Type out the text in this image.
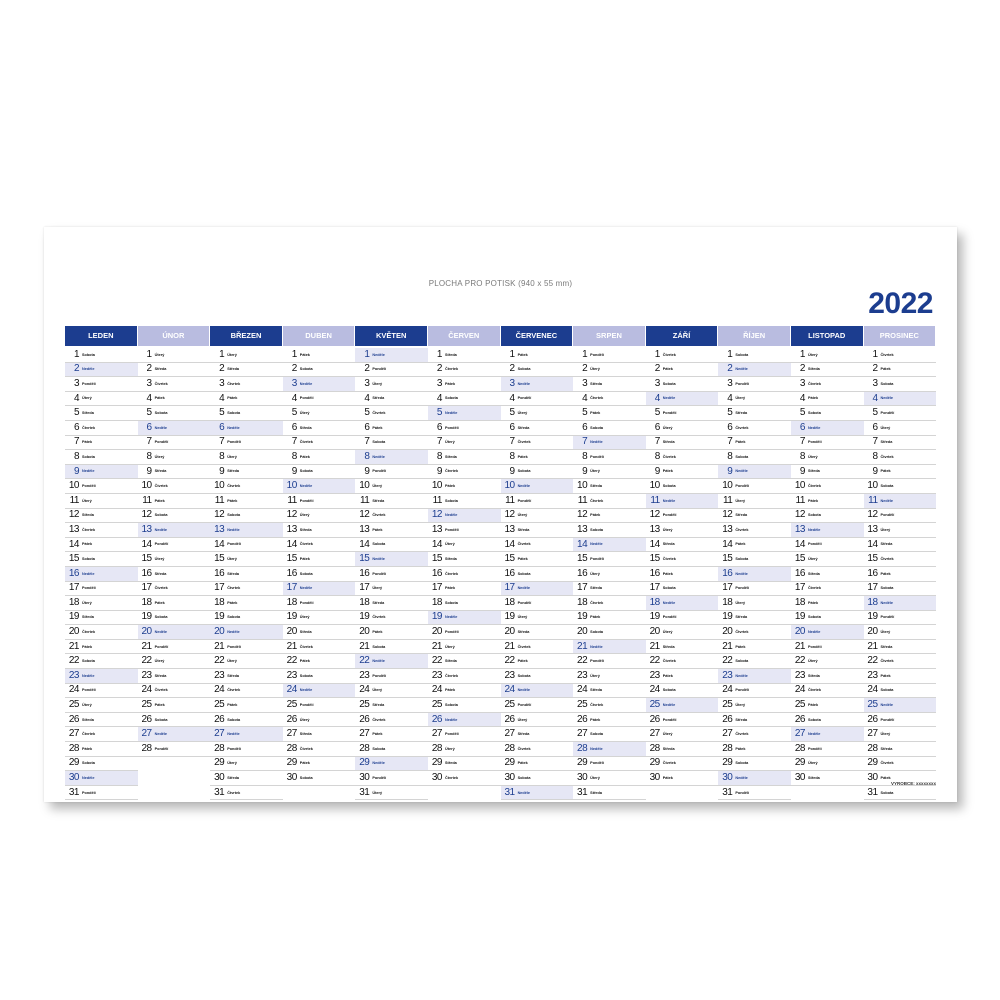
PLOCHA PRO POTISK (940 x 55 mm)
2022
LEDEN
1 Sobota
2 Neděle
3 Pondělí
4 Úterý
5 Středa
6 Čtvrtek
7 Pátek
8 Sobota
9 Neděle
10 Pondělí
11 Úterý
12 Středa
13 Čtvrtek
14 Pátek
15 Sobota
16 Neděle
17 Pondělí
18 Úterý
19 Středa
20 Čtvrtek
21 Pátek
22 Sobota
23 Neděle
24 Pondělí
25 Úterý
26 Středa
27 Čtvrtek
28 Pátek
29 Sobota
30 Neděle
31 Pondělí
ÚNOR
1 Úterý
2 Středa
3 Čtvrtek
4 Pátek
5 Sobota
6 Neděle
7 Pondělí
8 Úterý
9 Středa
10 Čtvrtek
11 Pátek
12 Sobota
13 Neděle
14 Pondělí
15 Úterý
16 Středa
17 Čtvrtek
18 Pátek
19 Sobota
20 Neděle
21 Pondělí
22 Úterý
23 Středa
24 Čtvrtek
25 Pátek
26 Sobota
27 Neděle
28 Pondělí
BŘEZEN
1 Úterý
2 Středa
3 Čtvrtek
4 Pátek
5 Sobota
6 Neděle
7 Pondělí
8 Úterý
9 Středa
10 Čtvrtek
11 Pátek
12 Sobota
13 Neděle
14 Pondělí
15 Úterý
16 Středa
17 Čtvrtek
18 Pátek
19 Sobota
20 Neděle
21 Pondělí
22 Úterý
23 Středa
24 Čtvrtek
25 Pátek
26 Sobota
27 Neděle
28 Pondělí
29 Úterý
30 Středa
31 Čtvrtek
DUBEN
1 Pátek
2 Sobota
3 Neděle
4 Pondělí
5 Úterý
6 Středa
7 Čtvrtek
8 Pátek
9 Sobota
10 Neděle
11 Pondělí
12 Úterý
13 Středa
14 Čtvrtek
15 Pátek
16 Sobota
17 Neděle
18 Pondělí
19 Úterý
20 Středa
21 Čtvrtek
22 Pátek
23 Sobota
24 Neděle
25 Pondělí
26 Úterý
27 Středa
28 Čtvrtek
29 Pátek
30 Sobota
KVĚTEN
1 Neděle
2 Pondělí
3 Úterý
4 Středa
5 Čtvrtek
6 Pátek
7 Sobota
8 Neděle
9 Pondělí
10 Úterý
11 Středa
12 Čtvrtek
13 Pátek
14 Sobota
15 Neděle
16 Pondělí
17 Úterý
18 Středa
19 Čtvrtek
20 Pátek
21 Sobota
22 Neděle
23 Pondělí
24 Úterý
25 Středa
26 Čtvrtek
27 Pátek
28 Sobota
29 Neděle
30 Pondělí
31 Úterý
ČERVEN
1 Středa
2 Čtvrtek
3 Pátek
4 Sobota
5 Neděle
6 Pondělí
7 Úterý
8 Středa
9 Čtvrtek
10 Pátek
11 Sobota
12 Neděle
13 Pondělí
14 Úterý
15 Středa
16 Čtvrtek
17 Pátek
18 Sobota
19 Neděle
20 Pondělí
21 Úterý
22 Středa
23 Čtvrtek
24 Pátek
25 Sobota
26 Neděle
27 Pondělí
28 Úterý
29 Středa
30 Čtvrtek
ČERVENEC
1 Pátek
2 Sobota
3 Neděle
4 Pondělí
5 Úterý
6 Středa
7 Čtvrtek
8 Pátek
9 Sobota
10 Neděle
11 Pondělí
12 Úterý
13 Středa
14 Čtvrtek
15 Pátek
16 Sobota
17 Neděle
18 Pondělí
19 Úterý
20 Středa
21 Čtvrtek
22 Pátek
23 Sobota
24 Neděle
25 Pondělí
26 Úterý
27 Středa
28 Čtvrtek
29 Pátek
30 Sobota
31 Neděle
SRPEN
1 Pondělí
2 Úterý
3 Středa
4 Čtvrtek
5 Pátek
6 Sobota
7 Neděle
8 Pondělí
9 Úterý
10 Středa
11 Čtvrtek
12 Pátek
13 Sobota
14 Neděle
15 Pondělí
16 Úterý
17 Středa
18 Čtvrtek
19 Pátek
20 Sobota
21 Neděle
22 Pondělí
23 Úterý
24 Středa
25 Čtvrtek
26 Pátek
27 Sobota
28 Neděle
29 Pondělí
30 Úterý
31 Středa
ZÁŘÍ
1 Čtvrtek
2 Pátek
3 Sobota
4 Neděle
5 Pondělí
6 Úterý
7 Středa
8 Čtvrtek
9 Pátek
10 Sobota
11 Neděle
12 Pondělí
13 Úterý
14 Středa
15 Čtvrtek
16 Pátek
17 Sobota
18 Neděle
19 Pondělí
20 Úterý
21 Středa
22 Čtvrtek
23 Pátek
24 Sobota
25 Neděle
26 Pondělí
27 Úterý
28 Středa
29 Čtvrtek
30 Pátek
ŘÍJEN
1 Sobota
2 Neděle
3 Pondělí
4 Úterý
5 Středa
6 Čtvrtek
7 Pátek
8 Sobota
9 Neděle
10 Pondělí
11 Úterý
12 Středa
13 Čtvrtek
14 Pátek
15 Sobota
16 Neděle
17 Pondělí
18 Úterý
19 Středa
20 Čtvrtek
21 Pátek
22 Sobota
23 Neděle
24 Pondělí
25 Úterý
26 Středa
27 Čtvrtek
28 Pátek
29 Sobota
30 Neděle
31 Pondělí
LISTOPAD
1 Úterý
2 Středa
3 Čtvrtek
4 Pátek
5 Sobota
6 Neděle
7 Pondělí
8 Úterý
9 Středa
10 Čtvrtek
11 Pátek
12 Sobota
13 Neděle
14 Pondělí
15 Úterý
16 Středa
17 Čtvrtek
18 Pátek
19 Sobota
20 Neděle
21 Pondělí
22 Úterý
23 Středa
24 Čtvrtek
25 Pátek
26 Sobota
27 Neděle
28 Pondělí
29 Úterý
30 Středa
PROSINEC
1 Čtvrtek
2 Pátek
3 Sobota
4 Neděle
5 Pondělí
6 Úterý
7 Středa
8 Čtvrtek
9 Pátek
10 Sobota
11 Neděle
12 Pondělí
13 Úterý
14 Středa
15 Čtvrtek
16 Pátek
17 Sobota
18 Neděle
19 Pondělí
20 Úterý
21 Středa
22 Čtvrtek
23 Pátek
24 Sobota
25 Neděle
26 Pondělí
27 Úterý
28 Středa
29 Čtvrtek
30 Pátek
31 Sobota
VYROBCE: xxxxxxxx
